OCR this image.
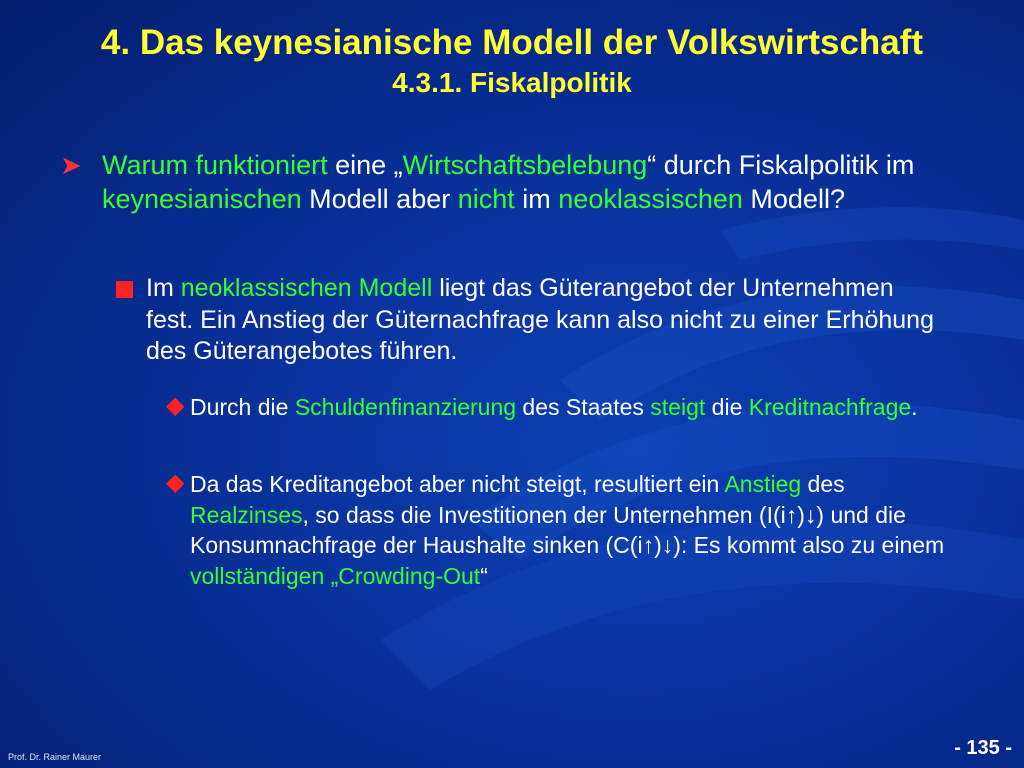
4. Das keynesianische Modell der Volkswirtschaft
4.3.1. Fiskalpolitik
➤ Warum funktioniert eine „Wirtschaftsbelebung“ durch Fiskalpolitik im keynesianischen Modell aber nicht im neoklassischen Modell?
Im neoklassischen Modell liegt das Güterangebot der Unternehmen fest. Ein Anstieg der Güternachfrage kann also nicht zu einer Erhöhung des Güterangebotes führen.
◆ Durch die Schuldenfinanzierung des Staates steigt die Kreditnachfrage.
◆ Da das Kreditangebot aber nicht steigt, resultiert ein Anstieg des Realzinses, so dass die Investitionen der Unternehmen (I(i↑)↓) und die Konsumnachfrage der Haushalte sinken (C(i↑)↓): Es kommt also zu einem vollständigen „Crowding-Out“
Prof. Dr. Rainer Maurer	- 135 -
